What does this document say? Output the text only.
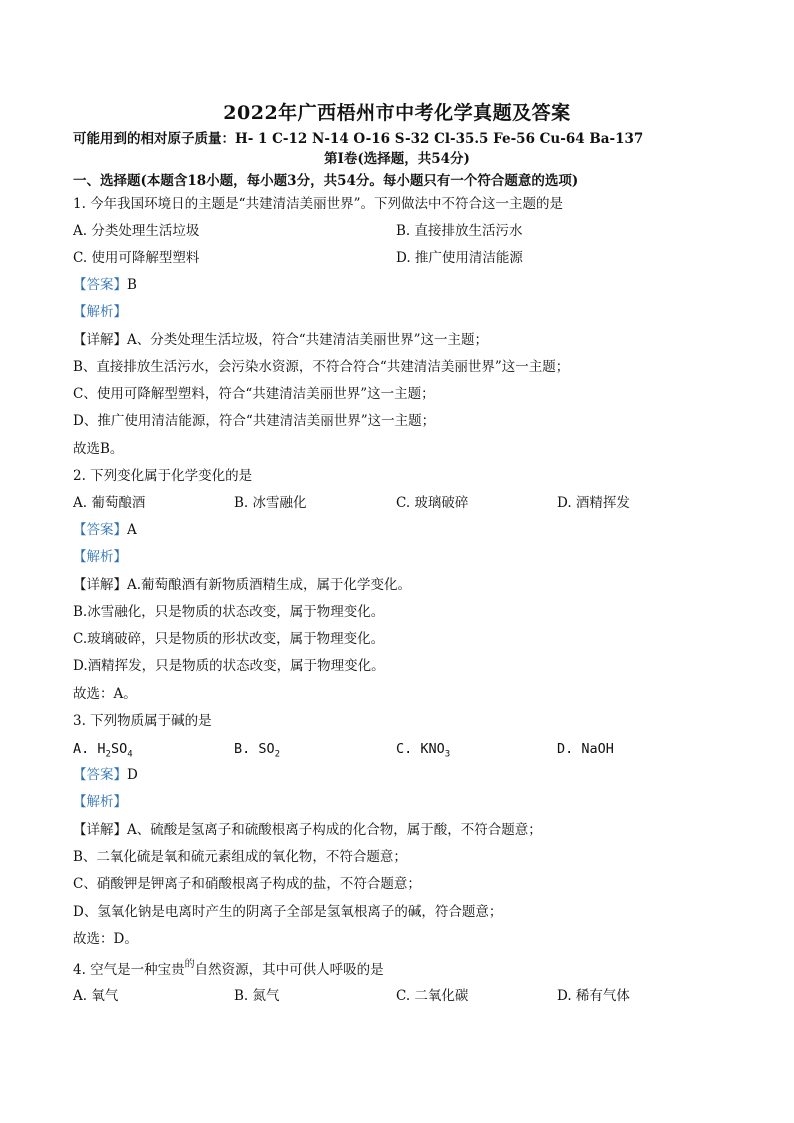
2022年广西梧州市中考化学真题及答案
可能用到的相对原子质量：H- 1 C-12 N-14 O-16 S-32 Cl-35.5 Fe-56 Cu-64 Ba-137
第Ⅰ卷(选择题，共54分)
一、选择题(本题含18小题，每小题3分，共54分。每小题只有一个符合题意的选项)
1. 今年我国环境日的主题是“共建清洁美丽世界”。下列做法中不符合这一主题的是
A. 分类处理生活垃圾	B. 直接排放生活污水
C. 使用可降解型塑料	D. 推广使用清洁能源
【答案】B
【解析】
【详解】A、分类处理生活垃圾，符合“共建清洁美丽世界”这一主题；
B、直接排放生活污水，会污染水资源，不符合符合“共建清洁美丽世界”这一主题；
C、使用可降解型塑料，符合“共建清洁美丽世界”这一主题；
D、推广使用清洁能源，符合“共建清洁美丽世界”这一主题；
故选B。
2. 下列变化属于化学变化的是
A. 葡萄酿酒	B. 冰雪融化	C. 玻璃破碎	D. 酒精挥发
【答案】A
【解析】
【详解】A.葡萄酿酒有新物质酒精生成，属于化学变化。
B.冰雪融化，只是物质的状态改变，属于物理变化。
C.玻璃破碎，只是物质的形状改变，属于物理变化。
D.酒精挥发，只是物质的状态改变，属于物理变化。
故选：A。
3. 下列物质属于碱的是
A. $H_2SO_4$	B. $SO_2$	C. $KNO_3$	D. NaOH
【答案】D
【解析】
【详解】A、硫酸是氢离子和硫酸根离子构成的化合物，属于酸，不符合题意；
B、二氧化硫是氧和硫元素组成的氧化物，不符合题意；
C、硝酸钾是钾离子和硝酸根离子构成的盐，不符合题意；
D、氢氧化钠是电离时产生的阴离子全部是氢氧根离子的碱，符合题意；
故选：D。
4. 空气是一种宝贵$^的$自然资源，其中可供人呼吸的是
A. 氧气	B. 氮气	C. 二氧化碳	D. 稀有气体
